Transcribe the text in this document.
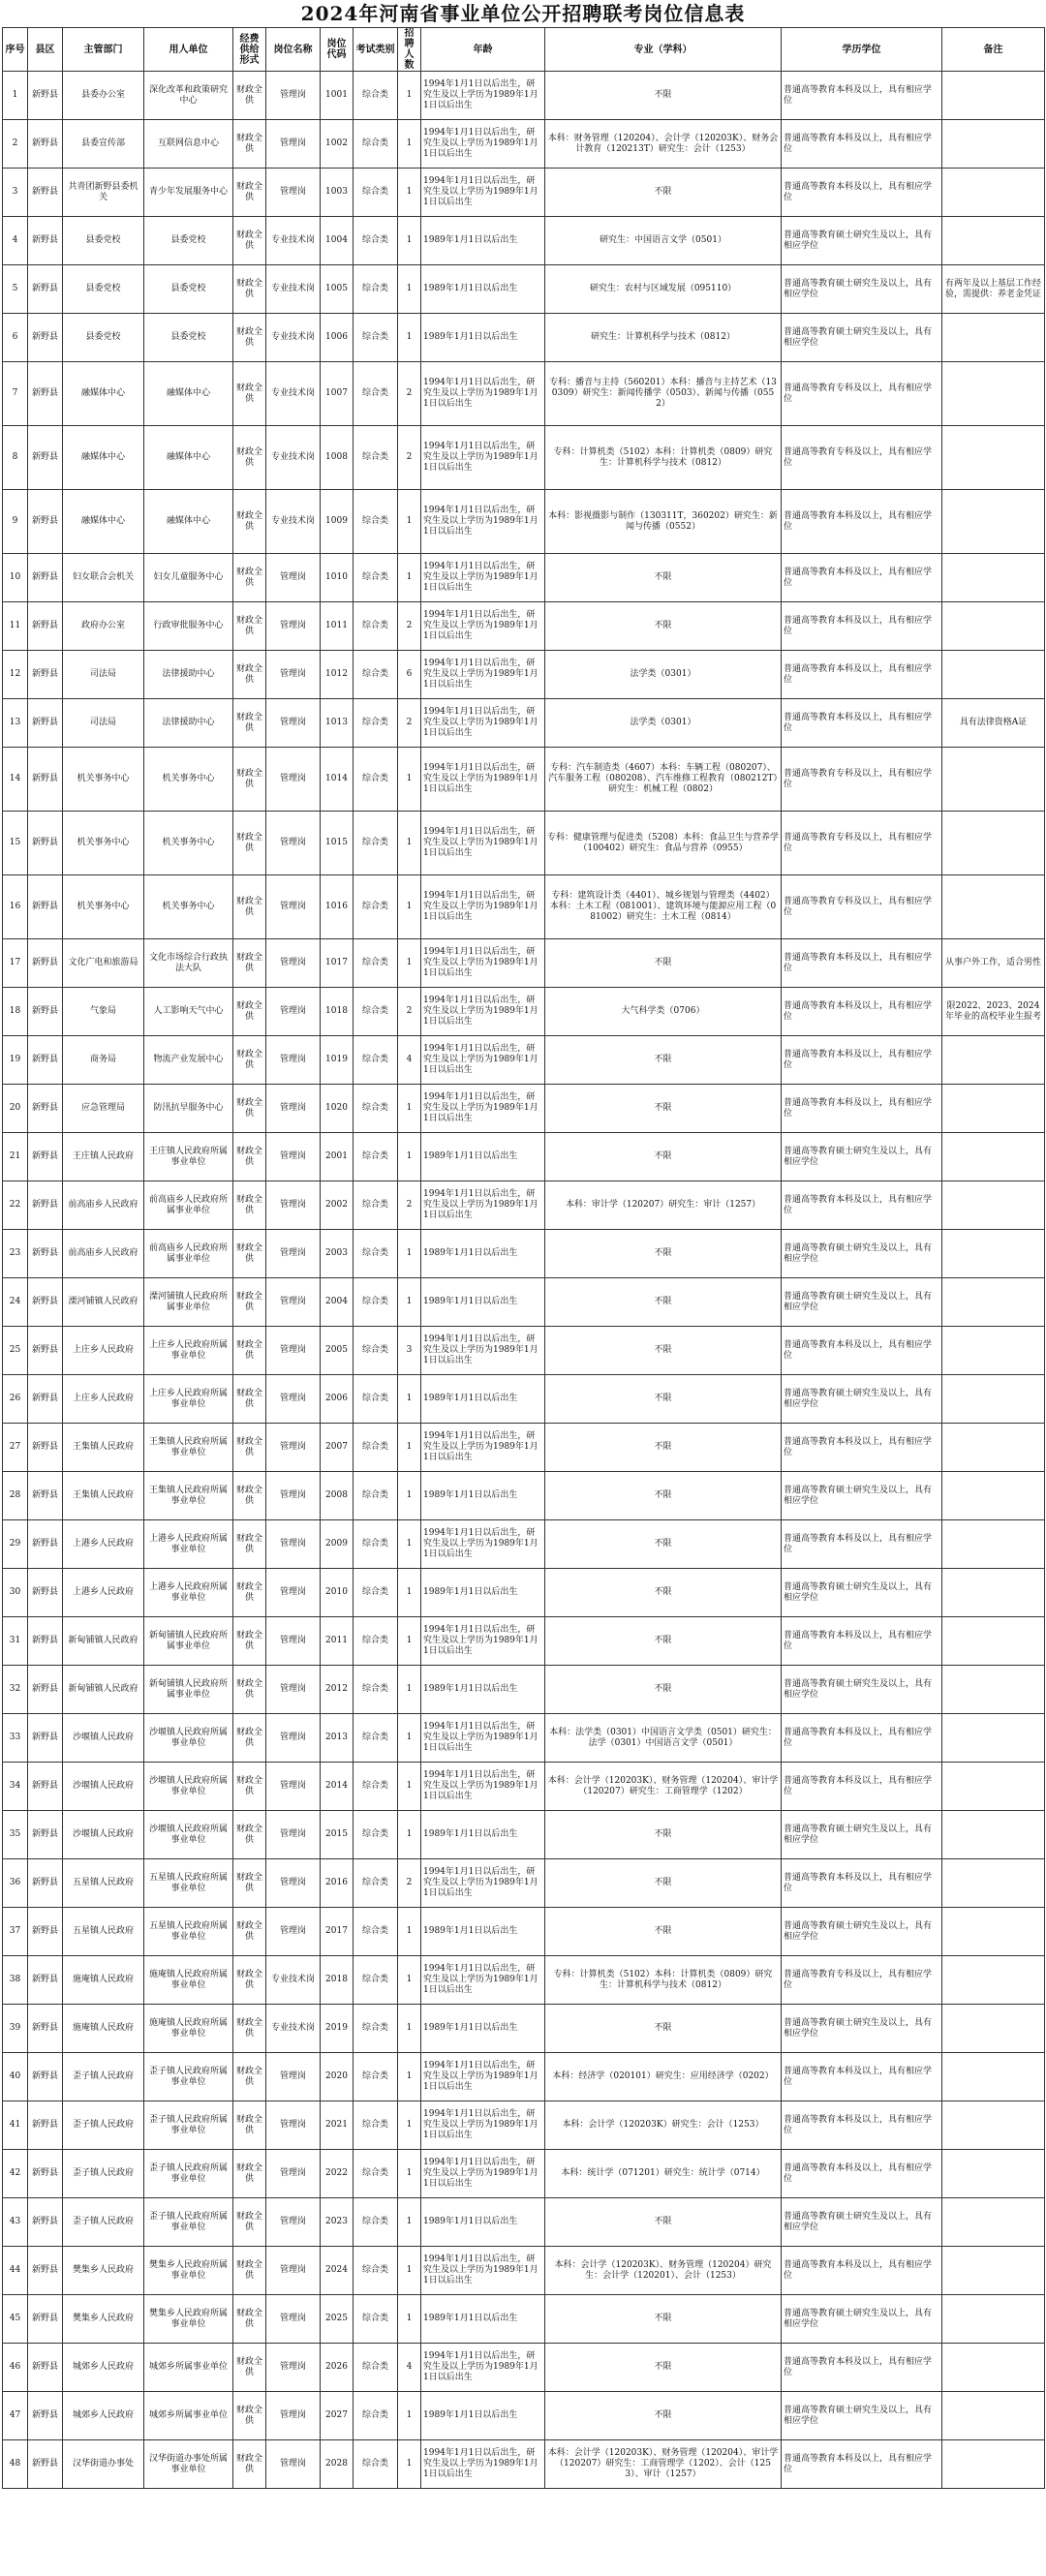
2024年河南省事业单位公开招聘联考岗位信息表
序号	县区	主管部门	用人单位	经费供给形式	岗位名称	岗位代码	考试类别	招聘人数	年龄	专业（学科）	学历学位	备注
1	新野县	县委办公室	深化改革和政策研究中心	财政全供	管理岗	1001	综合类	1	1994年1月1日以后出生，研究生及以上学历为1989年1月1日以后出生	不限	普通高等教育本科及以上，具有相应学位	
2	新野县	县委宣传部	互联网信息中心	财政全供	管理岗	1002	综合类	1	1994年1月1日以后出生，研究生及以上学历为1989年1月1日以后出生	本科：财务管理（120204）、会计学（120203K）、财务会计教育（120213T）研究生：会计（1253）	普通高等教育本科及以上，具有相应学位	
3	新野县	共青团新野县委机关	青少年发展服务中心	财政全供	管理岗	1003	综合类	1	1994年1月1日以后出生，研究生及以上学历为1989年1月1日以后出生	不限	普通高等教育本科及以上，具有相应学位	
4	新野县	县委党校	县委党校	财政全供	专业技术岗	1004	综合类	1	1989年1月1日以后出生	研究生：中国语言文学（0501）	普通高等教育硕士研究生及以上，具有相应学位	
5	新野县	县委党校	县委党校	财政全供	专业技术岗	1005	综合类	1	1989年1月1日以后出生	研究生：农村与区域发展（095110）	普通高等教育硕士研究生及以上，具有相应学位	有两年及以上基层工作经验，需提供：养老金凭证
6	新野县	县委党校	县委党校	财政全供	专业技术岗	1006	综合类	1	1989年1月1日以后出生	研究生：计算机科学与技术（0812）	普通高等教育硕士研究生及以上，具有相应学位	
7	新野县	融媒体中心	融媒体中心	财政全供	专业技术岗	1007	综合类	2	1994年1月1日以后出生，研究生及以上学历为1989年1月1日以后出生	专科：播音与主持（560201）本科：播音与主持艺术（130309）研究生：新闻传播学（0503）、新闻与传播（0552）	普通高等教育专科及以上，具有相应学位	
8	新野县	融媒体中心	融媒体中心	财政全供	专业技术岗	1008	综合类	2	1994年1月1日以后出生，研究生及以上学历为1989年1月1日以后出生	专科：计算机类（5102）本科：计算机类（0809）研究生：计算机科学与技术（0812）	普通高等教育专科及以上，具有相应学位	
9	新野县	融媒体中心	融媒体中心	财政全供	专业技术岗	1009	综合类	1	1994年1月1日以后出生，研究生及以上学历为1989年1月1日以后出生	本科：影视摄影与制作（130311T，360202）研究生：新闻与传播（0552）	普通高等教育本科及以上，具有相应学位	
10	新野县	妇女联合会机关	妇女儿童服务中心	财政全供	管理岗	1010	综合类	1	1994年1月1日以后出生，研究生及以上学历为1989年1月1日以后出生	不限	普通高等教育本科及以上，具有相应学位	
11	新野县	政府办公室	行政审批服务中心	财政全供	管理岗	1011	综合类	2	1994年1月1日以后出生，研究生及以上学历为1989年1月1日以后出生	不限	普通高等教育本科及以上，具有相应学位	
12	新野县	司法局	法律援助中心	财政全供	管理岗	1012	综合类	6	1994年1月1日以后出生，研究生及以上学历为1989年1月1日以后出生	法学类（0301）	普通高等教育本科及以上，具有相应学位	
13	新野县	司法局	法律援助中心	财政全供	管理岗	1013	综合类	2	1994年1月1日以后出生，研究生及以上学历为1989年1月1日以后出生	法学类（0301）	普通高等教育本科及以上，具有相应学位	具有法律资格A证
14	新野县	机关事务中心	机关事务中心	财政全供	管理岗	1014	综合类	1	1994年1月1日以后出生，研究生及以上学历为1989年1月1日以后出生	专科：汽车制造类（4607）本科：车辆工程（080207）、汽车服务工程（080208）、汽车维修工程教育（080212T）研究生：机械工程（0802）	普通高等教育专科及以上，具有相应学位	
15	新野县	机关事务中心	机关事务中心	财政全供	管理岗	1015	综合类	1	1994年1月1日以后出生，研究生及以上学历为1989年1月1日以后出生	专科：健康管理与促进类（5208）本科：食品卫生与营养学（100402）研究生：食品与营养（0955）	普通高等教育专科及以上，具有相应学位	
16	新野县	机关事务中心	机关事务中心	财政全供	管理岗	1016	综合类	1	1994年1月1日以后出生，研究生及以上学历为1989年1月1日以后出生	专科：建筑设计类（4401）、城乡规划与管理类（4402）本科：土木工程（081001）、建筑环境与能源应用工程（081002）研究生：土木工程（0814）	普通高等教育专科及以上，具有相应学位	
17	新野县	文化广电和旅游局	文化市场综合行政执法大队	财政全供	管理岗	1017	综合类	1	1994年1月1日以后出生，研究生及以上学历为1989年1月1日以后出生	不限	普通高等教育本科及以上，具有相应学位	从事户外工作，适合男性
18	新野县	气象局	人工影响天气中心	财政全供	管理岗	1018	综合类	2	1994年1月1日以后出生，研究生及以上学历为1989年1月1日以后出生	大气科学类（0706）	普通高等教育本科及以上，具有相应学位	限2022、2023、2024年毕业的高校毕业生报考
19	新野县	商务局	物流产业发展中心	财政全供	管理岗	1019	综合类	4	1994年1月1日以后出生，研究生及以上学历为1989年1月1日以后出生	不限	普通高等教育本科及以上，具有相应学位	
20	新野县	应急管理局	防汛抗旱服务中心	财政全供	管理岗	1020	综合类	1	1994年1月1日以后出生，研究生及以上学历为1989年1月1日以后出生	不限	普通高等教育本科及以上，具有相应学位	
21	新野县	王庄镇人民政府	王庄镇人民政府所属事业单位	财政全供	管理岗	2001	综合类	1	1989年1月1日以后出生	不限	普通高等教育硕士研究生及以上，具有相应学位	
22	新野县	前高庙乡人民政府	前高庙乡人民政府所属事业单位	财政全供	管理岗	2002	综合类	2	1994年1月1日以后出生，研究生及以上学历为1989年1月1日以后出生	本科：审计学（120207）研究生：审计（1257）	普通高等教育本科及以上，具有相应学位	
23	新野县	前高庙乡人民政府	前高庙乡人民政府所属事业单位	财政全供	管理岗	2003	综合类	1	1989年1月1日以后出生	不限	普通高等教育硕士研究生及以上，具有相应学位	
24	新野县	溧河铺镇人民政府	溧河铺镇人民政府所属事业单位	财政全供	管理岗	2004	综合类	1	1989年1月1日以后出生	不限	普通高等教育硕士研究生及以上，具有相应学位	
25	新野县	上庄乡人民政府	上庄乡人民政府所属事业单位	财政全供	管理岗	2005	综合类	3	1994年1月1日以后出生，研究生及以上学历为1989年1月1日以后出生	不限	普通高等教育本科及以上，具有相应学位	
26	新野县	上庄乡人民政府	上庄乡人民政府所属事业单位	财政全供	管理岗	2006	综合类	1	1989年1月1日以后出生	不限	普通高等教育硕士研究生及以上，具有相应学位	
27	新野县	王集镇人民政府	王集镇人民政府所属事业单位	财政全供	管理岗	2007	综合类	1	1994年1月1日以后出生，研究生及以上学历为1989年1月1日以后出生	不限	普通高等教育本科及以上，具有相应学位	
28	新野县	王集镇人民政府	王集镇人民政府所属事业单位	财政全供	管理岗	2008	综合类	1	1989年1月1日以后出生	不限	普通高等教育硕士研究生及以上，具有相应学位	
29	新野县	上港乡人民政府	上港乡人民政府所属事业单位	财政全供	管理岗	2009	综合类	1	1994年1月1日以后出生，研究生及以上学历为1989年1月1日以后出生	不限	普通高等教育本科及以上，具有相应学位	
30	新野县	上港乡人民政府	上港乡人民政府所属事业单位	财政全供	管理岗	2010	综合类	1	1989年1月1日以后出生	不限	普通高等教育硕士研究生及以上，具有相应学位	
31	新野县	新甸铺镇人民政府	新甸铺镇人民政府所属事业单位	财政全供	管理岗	2011	综合类	1	1994年1月1日以后出生，研究生及以上学历为1989年1月1日以后出生	不限	普通高等教育本科及以上，具有相应学位	
32	新野县	新甸铺镇人民政府	新甸铺镇人民政府所属事业单位	财政全供	管理岗	2012	综合类	1	1989年1月1日以后出生	不限	普通高等教育硕士研究生及以上，具有相应学位	
33	新野县	沙堰镇人民政府	沙堰镇人民政府所属事业单位	财政全供	管理岗	2013	综合类	1	1994年1月1日以后出生，研究生及以上学历为1989年1月1日以后出生	本科：法学类（0301）中国语言文学类（0501）研究生：法学（0301）中国语言文学（0501）	普通高等教育本科及以上，具有相应学位	
34	新野县	沙堰镇人民政府	沙堰镇人民政府所属事业单位	财政全供	管理岗	2014	综合类	1	1994年1月1日以后出生，研究生及以上学历为1989年1月1日以后出生	本科：会计学（120203K）、财务管理（120204）、审计学（120207）研究生：工商管理学（1202）	普通高等教育本科及以上，具有相应学位	
35	新野县	沙堰镇人民政府	沙堰镇人民政府所属事业单位	财政全供	管理岗	2015	综合类	1	1989年1月1日以后出生	不限	普通高等教育硕士研究生及以上，具有相应学位	
36	新野县	五星镇人民政府	五星镇人民政府所属事业单位	财政全供	管理岗	2016	综合类	2	1994年1月1日以后出生，研究生及以上学历为1989年1月1日以后出生	不限	普通高等教育本科及以上，具有相应学位	
37	新野县	五星镇人民政府	五星镇人民政府所属事业单位	财政全供	管理岗	2017	综合类	1	1989年1月1日以后出生	不限	普通高等教育硕士研究生及以上，具有相应学位	
38	新野县	施庵镇人民政府	施庵镇人民政府所属事业单位	财政全供	专业技术岗	2018	综合类	1	1994年1月1日以后出生，研究生及以上学历为1989年1月1日以后出生	专科：计算机类（5102）本科：计算机类（0809）研究生：计算机科学与技术（0812）	普通高等教育专科及以上，具有相应学位	
39	新野县	施庵镇人民政府	施庵镇人民政府所属事业单位	财政全供	专业技术岗	2019	综合类	1	1989年1月1日以后出生	不限	普通高等教育硕士研究生及以上，具有相应学位	
40	新野县	歪子镇人民政府	歪子镇人民政府所属事业单位	财政全供	管理岗	2020	综合类	1	1994年1月1日以后出生，研究生及以上学历为1989年1月1日以后出生	本科：经济学（020101）研究生：应用经济学（0202）	普通高等教育本科及以上，具有相应学位	
41	新野县	歪子镇人民政府	歪子镇人民政府所属事业单位	财政全供	管理岗	2021	综合类	1	1994年1月1日以后出生，研究生及以上学历为1989年1月1日以后出生	本科：会计学（120203K）研究生：会计（1253）	普通高等教育本科及以上，具有相应学位	
42	新野县	歪子镇人民政府	歪子镇人民政府所属事业单位	财政全供	管理岗	2022	综合类	1	1994年1月1日以后出生，研究生及以上学历为1989年1月1日以后出生	本科：统计学（071201）研究生：统计学（0714）	普通高等教育本科及以上，具有相应学位	
43	新野县	歪子镇人民政府	歪子镇人民政府所属事业单位	财政全供	管理岗	2023	综合类	1	1989年1月1日以后出生	不限	普通高等教育硕士研究生及以上，具有相应学位	
44	新野县	樊集乡人民政府	樊集乡人民政府所属事业单位	财政全供	管理岗	2024	综合类	1	1994年1月1日以后出生，研究生及以上学历为1989年1月1日以后出生	本科：会计学（120203K）、财务管理（120204）研究生：会计学（120201）、会计（1253）	普通高等教育本科及以上，具有相应学位	
45	新野县	樊集乡人民政府	樊集乡人民政府所属事业单位	财政全供	管理岗	2025	综合类	1	1989年1月1日以后出生	不限	普通高等教育硕士研究生及以上，具有相应学位	
46	新野县	城郊乡人民政府	城郊乡所属事业单位	财政全供	管理岗	2026	综合类	4	1994年1月1日以后出生，研究生及以上学历为1989年1月1日以后出生	不限	普通高等教育本科及以上，具有相应学位	
47	新野县	城郊乡人民政府	城郊乡所属事业单位	财政全供	管理岗	2027	综合类	1	1989年1月1日以后出生	不限	普通高等教育硕士研究生及以上，具有相应学位	
48	新野县	汉华街道办事处	汉华街道办事处所属事业单位	财政全供	管理岗	2028	综合类	1	1994年1月1日以后出生，研究生及以上学历为1989年1月1日以后出生	本科：会计学（120203K）、财务管理（120204）、审计学（120207）研究生：工商管理学（1202）、会计（1253）、审计（1257）	普通高等教育本科及以上，具有相应学位	
